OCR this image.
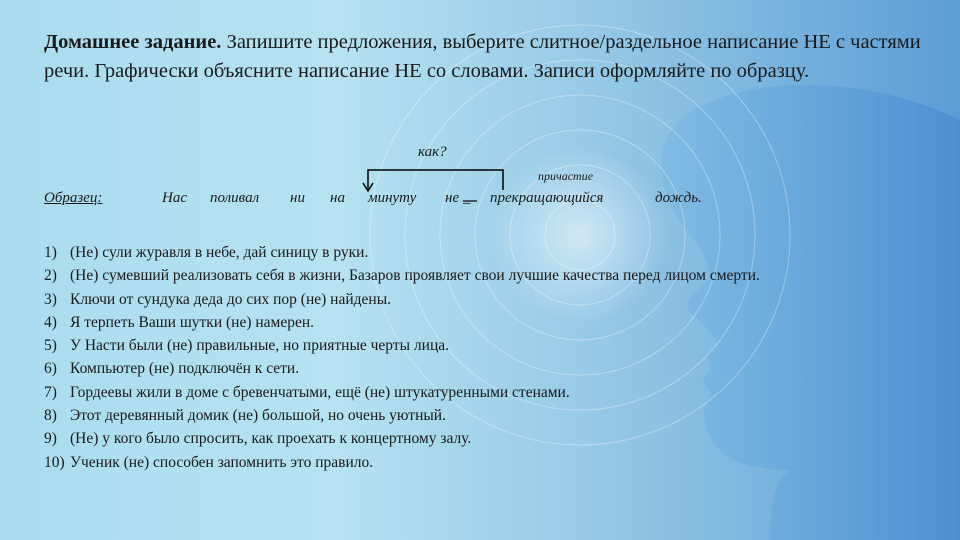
Домашнее задание. Запишите предложения, выберите слитное/раздельное написание НЕ с частями речи. Графически объясните написание НЕ со словами. Записи оформляйте по образцу.

как?
причастие
Образец:	Нас поливал ни на минуту не _ прекращающийся	дождь.
1) (Не) сули журавля в небе, дай синицу в руки.
2) (Не) сумевший реализовать себя в жизни, Базаров проявляет свои лучшие качества перед лицом смерти.
3) Ключи от сундука деда до сих пор (не) найдены.
4) Я терпеть Ваши шутки (не) намерен.
5) У Насти были (не) правильные, но приятные черты лица.
6) Компьютер (не) подключён к сети.
7) Гордеевы жили в доме с бревенчатыми, ещё (не) штукатуренными стенами.
8) Этот деревянный домик (не) большой, но очень уютный.
9) (Не) у кого было спросить, как проехать к концертному залу.
10) Ученик (не) способен запомнить это правило.
